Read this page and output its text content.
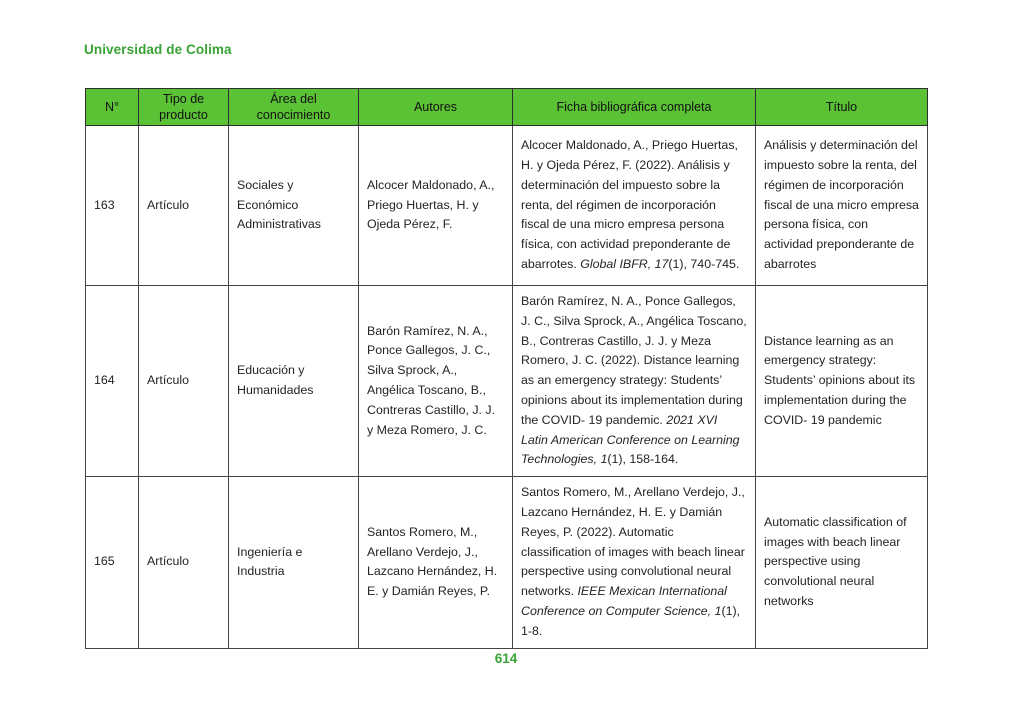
Universidad de Colima
N°	Tipo de producto	Área del conocimiento	Autores	Ficha bibliográfica completa	Título
163	Artículo	Sociales y Económico Administrativas	Alcocer Maldonado, A., Priego Huertas, H. y Ojeda Pérez, F.	Alcocer Maldonado, A., Priego Huertas, H. y Ojeda Pérez, F. (2022). Análisis y determinación del impuesto sobre la renta, del régimen de incorporación fiscal de una micro empresa persona física, con actividad preponderante de abarrotes. Global IBFR, 17(1), 740-745.	Análisis y determinación del impuesto sobre la renta, del régimen de incorporación fiscal de una micro empresa persona física, con actividad preponderante de abarrotes
164	Artículo	Educación y Humanidades	Barón Ramírez, N. A., Ponce Gallegos, J. C., Silva Sprock, A., Angélica Toscano, B., Contreras Castillo, J. J. y Meza Romero, J. C.	Barón Ramírez, N. A., Ponce Gallegos, J. C., Silva Sprock, A., Angélica Toscano, B., Contreras Castillo, J. J. y Meza Romero, J. C. (2022). Distance learning as an emergency strategy: Students’ opinions about its implementation during the COVID- 19 pandemic. 2021 XVI Latin American Conference on Learning Technologies, 1(1), 158-164.	Distance learning as an emergency strategy: Students’ opinions about its implementation during the COVID- 19 pandemic
165	Artículo	Ingeniería e Industria	Santos Romero, M., Arellano Verdejo, J., Lazcano Hernández, H. E. y Damián Reyes, P.	Santos Romero, M., Arellano Verdejo, J., Lazcano Hernández, H. E. y Damián Reyes, P. (2022). Automatic classification of images with beach linear perspective using convolutional neural networks. IEEE Mexican International Conference on Computer Science, 1(1), 1-8.	Automatic classification of images with beach linear perspective using convolutional neural networks
614
